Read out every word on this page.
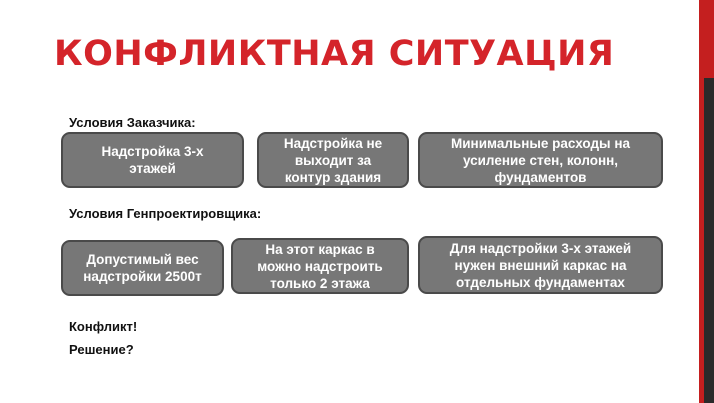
КОНФЛИКТНАЯ СИТУАЦИЯ
Условия Заказчика:
Надстройка 3-х
этажей
Надстройка не
выходит за
контур здания
Минимальные расходы на
усиление стен, колонн,
фундаментов
Условия Генпроектировщика:
Допустимый вес
надстройки 2500т
На этот каркас в
можно надстроить
только 2 этажа
Для надстройки 3-х этажей
нужен внешний каркас на
отдельных фундаментах
Конфликт!
Решение?
